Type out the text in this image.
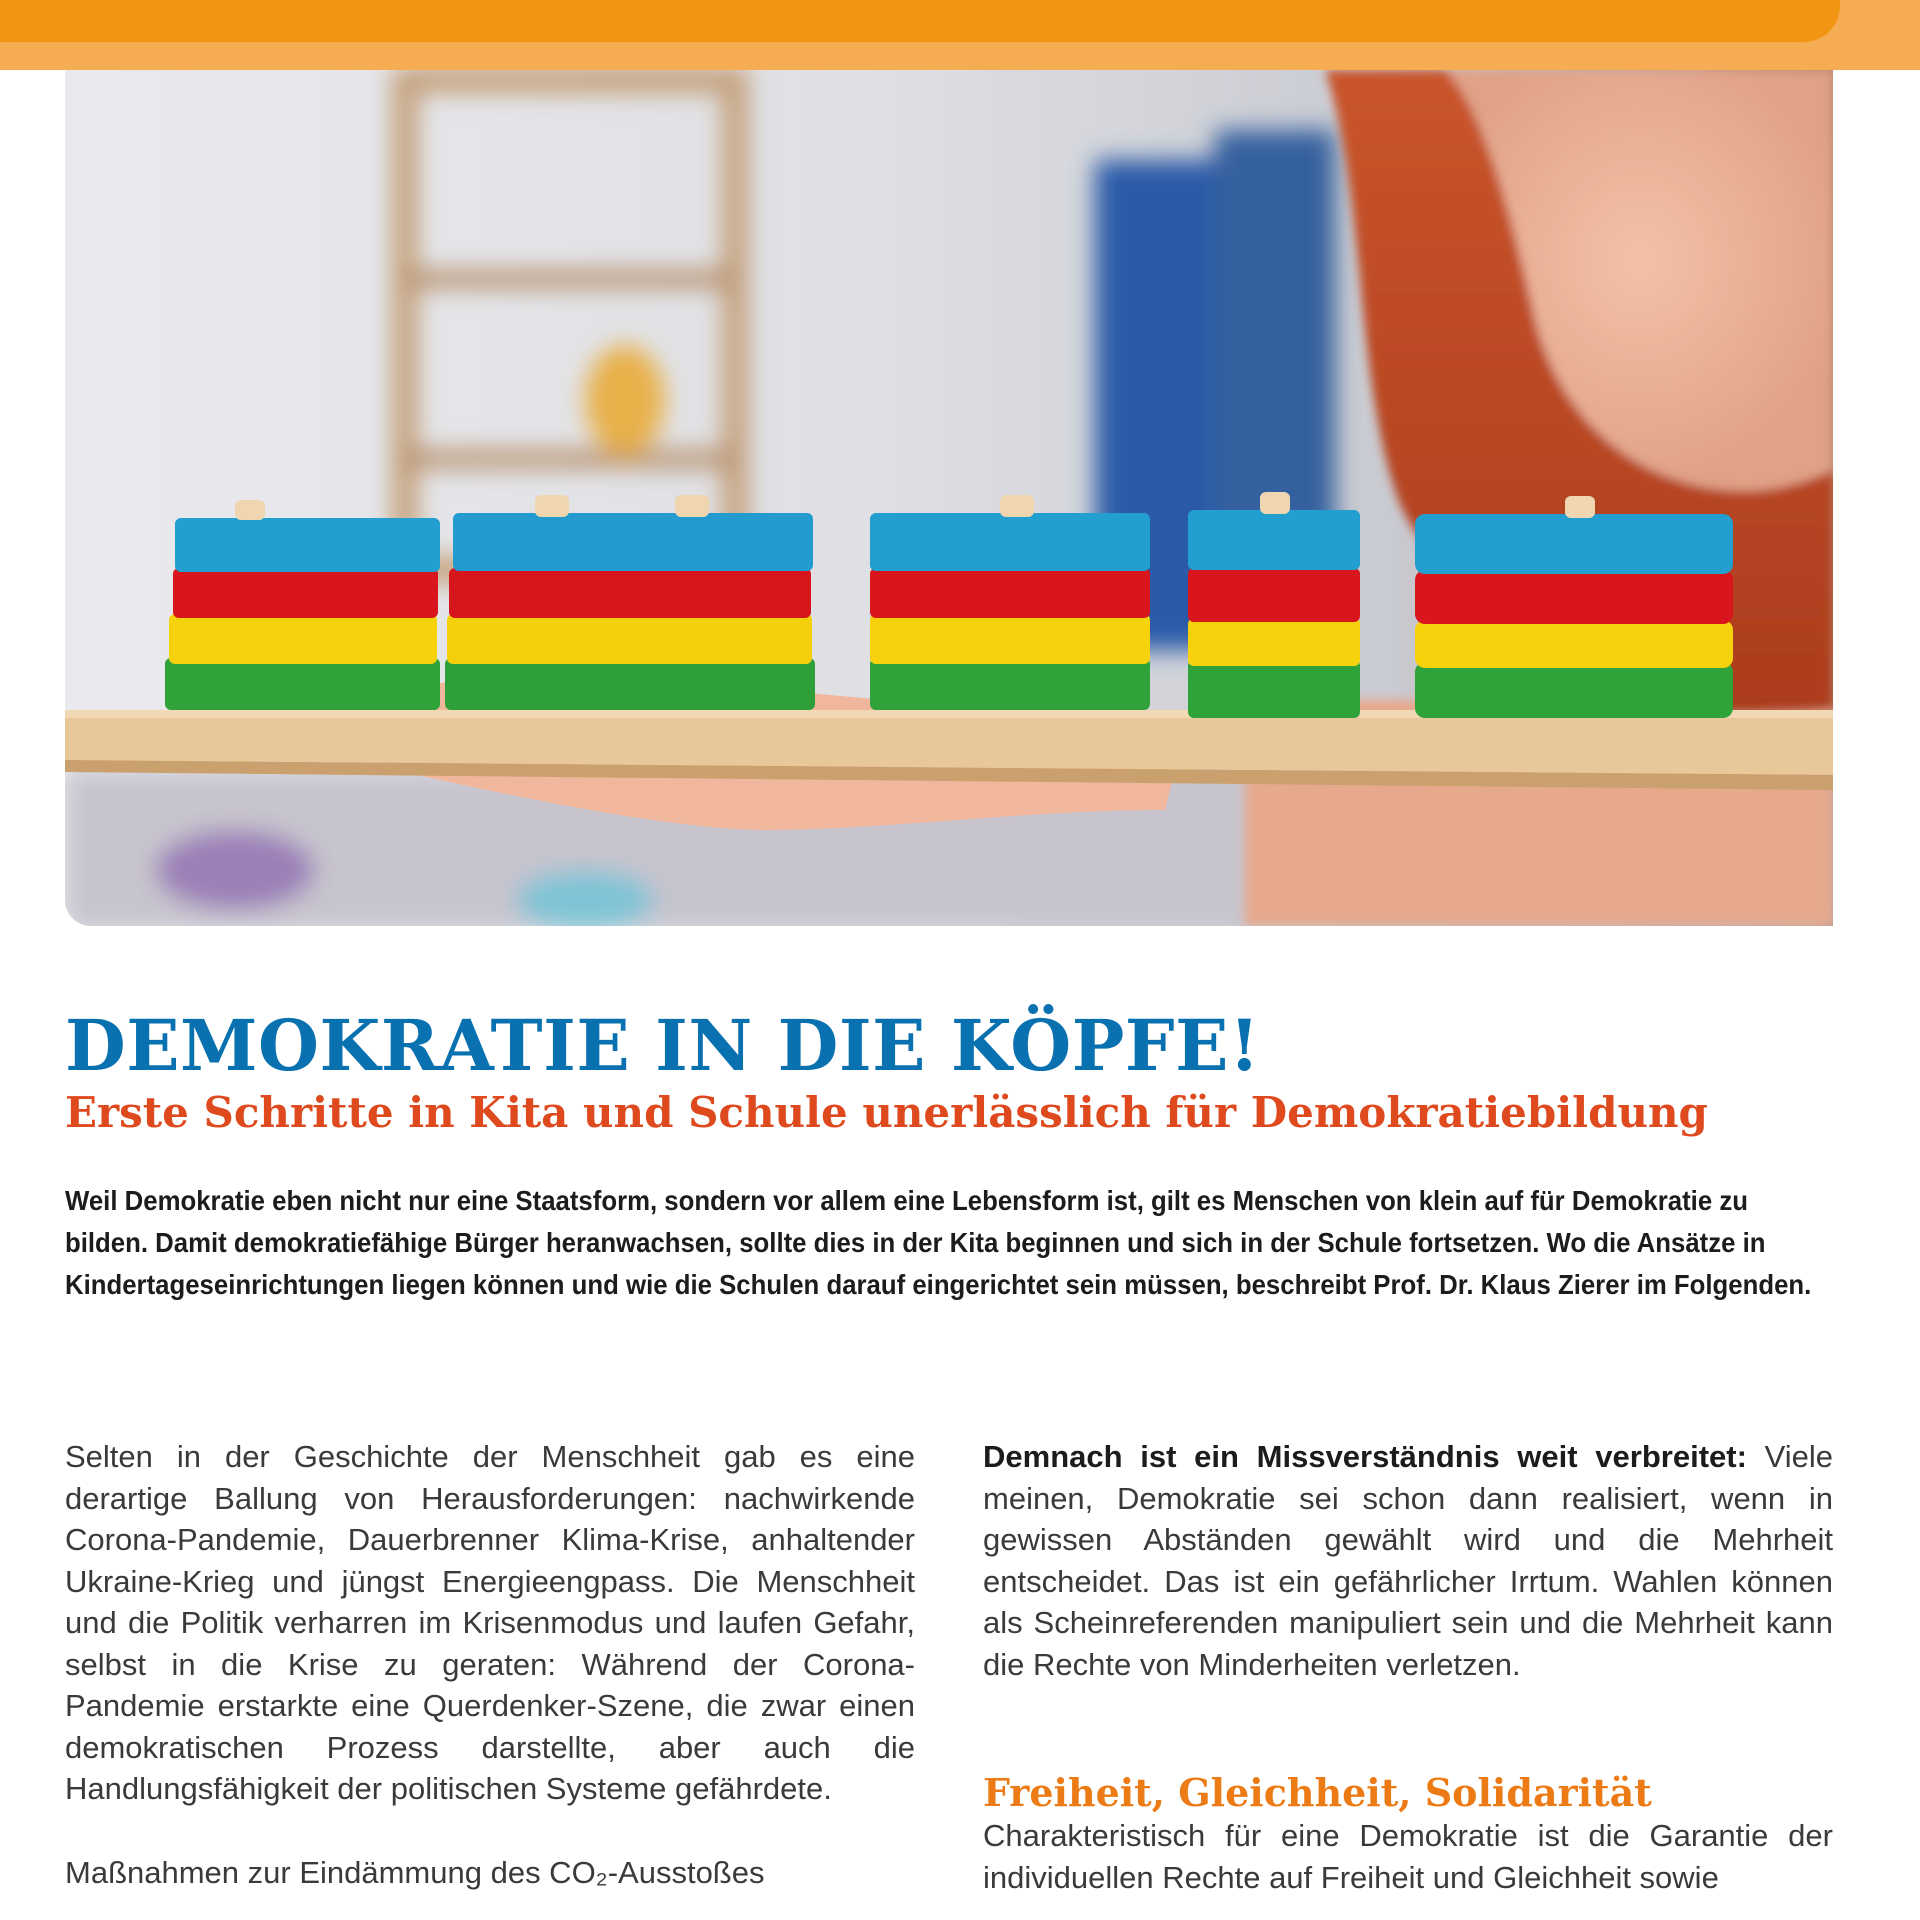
DEMOKRATIE IN DIE KÖPFE!
Erste Schritte in Kita und Schule unerlässlich für Demokratiebildung

Weil Demokratie eben nicht nur eine Staatsform, sondern vor allem eine Lebensform ist, gilt es Menschen von klein auf für Demokratie zu bilden. Damit demokratiefähige Bürger heranwachsen, sollte dies in der Kita beginnen und sich in der Schule fortsetzen. Wo die Ansätze in Kindertageseinrichtungen liegen können und wie die Schulen darauf eingerichtet sein müssen, beschreibt Prof. Dr. Klaus Zierer im Folgenden.

Selten in der Geschichte der Menschheit gab es eine derartige Ballung von Herausforderungen: nachwirkende Corona-Pandemie, Dauerbrenner Klima-Krise, anhaltender Ukraine-Krieg und jüngst Energieengpass. Die Menschheit und die Politik verharren im Krisenmodus und laufen Gefahr, selbst in die Krise zu geraten: Während der Corona-Pandemie erstarkte eine Querdenker-Szene, die zwar einen demokratischen Prozess darstellte, aber auch die Handlungsfähigkeit der politischen Systeme gefährdete.

Maßnahmen zur Eindämmung des CO₂-Ausstoßes

Demnach ist ein Missverständnis weit verbreitet: Viele meinen, Demokratie sei schon dann realisiert, wenn in gewissen Abständen gewählt wird und die Mehrheit entscheidet. Das ist ein gefährlicher Irrtum. Wahlen können als Scheinreferenden manipuliert sein und die Mehrheit kann die Rechte von Minderheiten verletzen.

Freiheit, Gleichheit, Solidarität

Charakteristisch für eine Demokratie ist die Garantie der individuellen Rechte auf Freiheit und Gleichheit sowie
